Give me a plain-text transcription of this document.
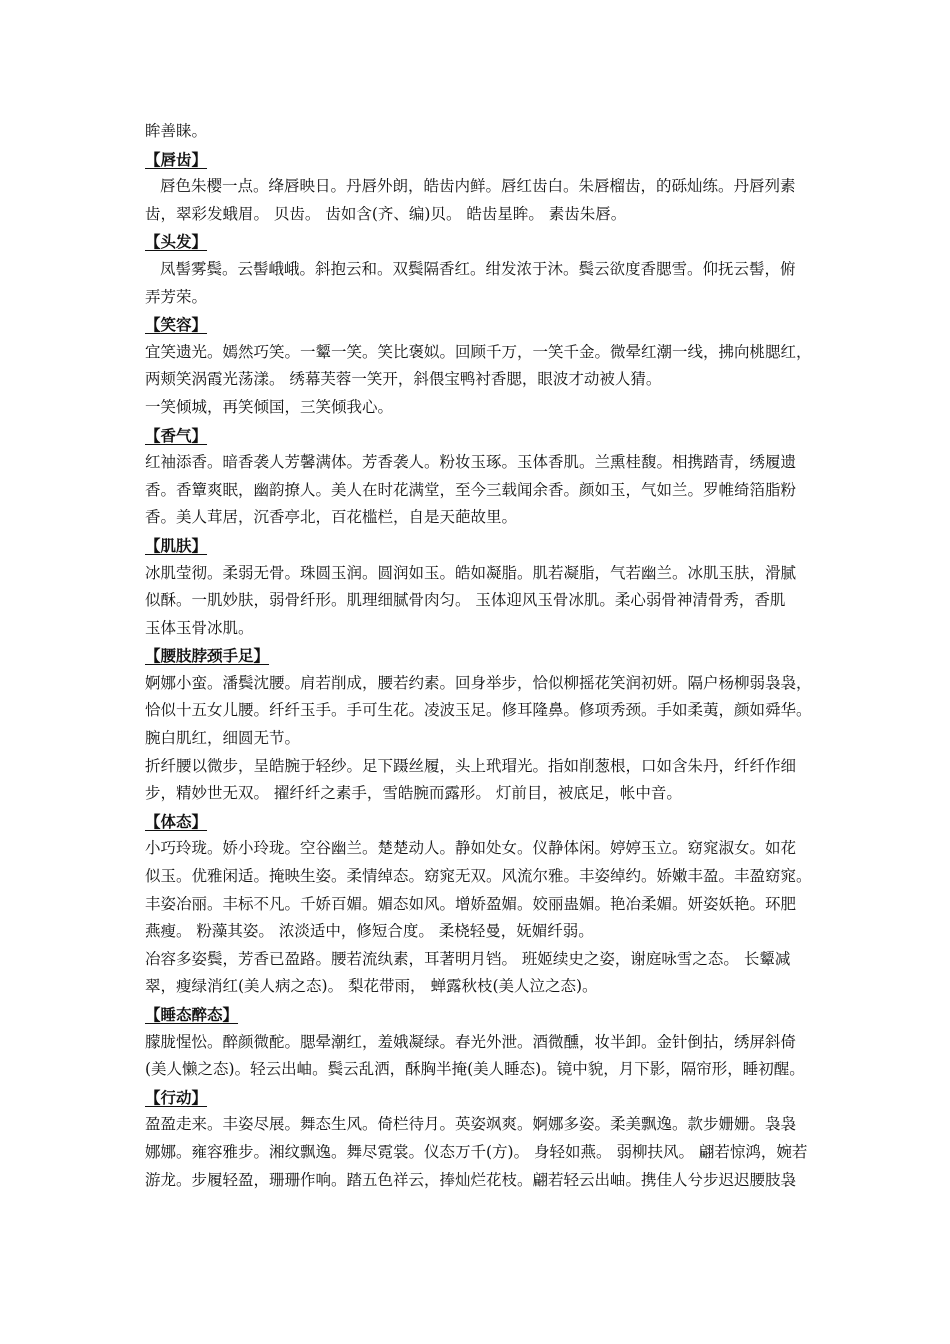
眸善睐。
【唇齿】
唇色朱樱一点。绛唇映日。丹唇外朗，皓齿内鲜。唇红齿白。朱唇榴齿，的砾灿练。丹唇列素
齿，翠彩发蛾眉。 贝齿。 齿如含(齐、编)贝。 皓齿星眸。 素齿朱唇。
【头发】
凤髻雾鬓。云髻峨峨。斜抱云和。双鬓隔香红。绀发浓于沐。鬓云欲度香腮雪。仰抚云髻，俯
弄芳荣。
【笑容】
宜笑遗光。嫣然巧笑。一颦一笑。笑比褒姒。回顾千万，一笑千金。微晕红潮一线，拂向桃腮红，
两颊笑涡霞光荡漾。 绣幕芙蓉一笑开，斜偎宝鸭衬香腮，眼波才动被人猜。
一笑倾城，再笑倾国，三笑倾我心。
【香气】
红袖添香。暗香袭人芳馨满体。芳香袭人。粉妆玉琢。玉体香肌。兰熏桂馥。相携踏青，绣履遗
香。香簟爽眠，幽韵撩人。美人在时花满堂，至今三载闻余香。颜如玉，气如兰。罗帷绮箔脂粉
香。美人茸居，沉香亭北，百花槛栏，自是天葩故里。
【肌肤】
冰肌莹彻。柔弱无骨。珠圆玉润。圆润如玉。皓如凝脂。肌若凝脂，气若幽兰。冰肌玉肤，滑腻
似酥。一肌妙肤，弱骨纤形。肌理细腻骨肉匀。 玉体迎风玉骨冰肌。柔心弱骨神清骨秀，香肌
玉体玉骨冰肌。
【腰肢脖颈手足】
婀娜小蛮。潘鬓沈腰。肩若削成，腰若约素。回身举步，恰似柳摇花笑润初妍。隔户杨柳弱袅袅，
恰似十五女儿腰。纤纤玉手。手可生花。凌波玉足。修耳隆鼻。修项秀颈。手如柔荑，颜如舜华。
腕白肌红，细圆无节。
折纤腰以微步，呈皓腕于轻纱。足下蹑丝履，头上玳瑁光。指如削葱根，口如含朱丹，纤纤作细
步，精妙世无双。 擢纤纤之素手，雪皓腕而露形。 灯前目，被底足，帐中音。
【体态】
小巧玲珑。娇小玲珑。空谷幽兰。楚楚动人。静如处女。仪静体闲。婷婷玉立。窈窕淑女。如花
似玉。优雅闲适。掩映生姿。柔情绰态。窈窕无双。风流尔雅。丰姿绰约。娇嫩丰盈。丰盈窈窕。
丰姿冶丽。丰标不凡。千娇百媚。媚态如风。增娇盈媚。姣丽蛊媚。艳冶柔媚。妍姿妖艳。环肥
燕瘦。 粉藻其姿。 浓淡适中，修短合度。 柔桡轻曼，妩媚纤弱。
冶容多姿鬓，芳香已盈路。腰若流纨素，耳著明月铛。 班姬续史之姿，谢庭咏雪之态。 长颦减
翠，瘦绿消红(美人病之态)。 梨花带雨， 蝉露秋枝(美人泣之态)。
【睡态醉态】
朦胧惺忪。醉颜微酡。腮晕潮红，羞娥凝绿。春光外泄。酒微醺，妆半卸。金针倒拈，绣屏斜倚
(美人懒之态)。轻云出岫。鬓云乱洒，酥胸半掩(美人睡态)。镜中貌，月下影，隔帘形，睡初醒。
【行动】
盈盈走来。丰姿尽展。舞态生风。倚栏待月。英姿飒爽。婀娜多姿。柔美飘逸。款步姗姗。袅袅
娜娜。雍容雅步。湘纹飘逸。舞尽霓裳。仪态万千(方)。 身轻如燕。 弱柳扶风。 翩若惊鸿，婉若
游龙。步履轻盈，珊珊作响。踏五色祥云，捧灿烂花枝。翩若轻云出岫。携佳人兮步迟迟腰肢袅
